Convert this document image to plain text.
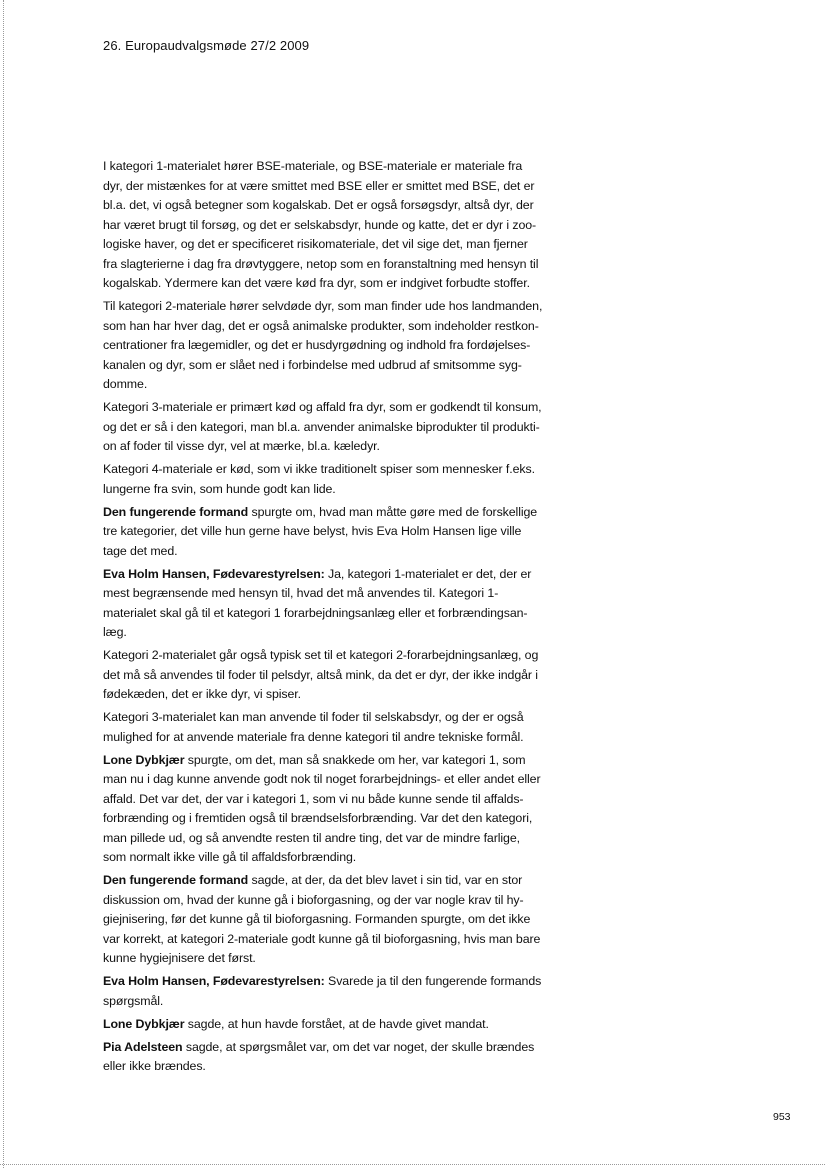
26. Europaudvalgsmøde 27/2 2009
I kategori 1-materialet hører BSE-materiale, og BSE-materiale er materiale fra
dyr, der mistænkes for at være smittet med BSE eller er smittet med BSE, det er
bl.a. det, vi også betegner som kogalskab. Det er også forsøgsdyr, altså dyr, der
har været brugt til forsøg, og det er selskabsdyr, hunde og katte, det er dyr i zoo-
logiske haver, og det er specificeret risikomateriale, det vil sige det, man fjerner
fra slagterierne i dag fra drøvtyggere, netop som en foranstaltning med hensyn til
kogalskab. Ydermere kan det være kød fra dyr, som er indgivet forbudte stoffer.
Til kategori 2-materiale hører selvdøde dyr, som man finder ude hos landmanden,
som han har hver dag, det er også animalske produkter, som indeholder restkon-
centrationer fra lægemidler, og det er husdyrgødning og indhold fra fordøjelses-
kanalen og dyr, som er slået ned i forbindelse med udbrud af smitsomme syg-
domme.
Kategori 3-materiale er primært kød og affald fra dyr, som er godkendt til konsum,
og det er så i den kategori, man bl.a. anvender animalske biprodukter til produkti-
on af foder til visse dyr, vel at mærke, bl.a. kæledyr.
Kategori 4-materiale er kød, som vi ikke traditionelt spiser som mennesker f.eks.
lungerne fra svin, som hunde godt kan lide.
Den fungerende formand spurgte om, hvad man måtte gøre med de forskellige
tre kategorier, det ville hun gerne have belyst, hvis Eva Holm Hansen lige ville
tage det med.
Eva Holm Hansen, Fødevarestyrelsen: Ja, kategori 1-materialet er det, der er
mest begrænsende med hensyn til, hvad det må anvendes til. Kategori 1-
materialet skal gå til et kategori 1 forarbejdningsanlæg eller et forbrændingsan-
læg.
Kategori 2-materialet går også typisk set til et kategori 2-forarbejdningsanlæg, og
det må så anvendes til foder til pelsdyr, altså mink, da det er dyr, der ikke indgår i
fødekæden, det er ikke dyr, vi spiser.
Kategori 3-materialet kan man anvende til foder til selskabsdyr, og der er også
mulighed for at anvende materiale fra denne kategori til andre tekniske formål.
Lone Dybkjær spurgte, om det, man så snakkede om her, var kategori 1, som
man nu i dag kunne anvende godt nok til noget forarbejdnings- et eller andet eller
affald. Det var det, der var i kategori 1, som vi nu både kunne sende til affalds-
forbrænding og i fremtiden også til brændselsforbrænding. Var det den kategori,
man pillede ud, og så anvendte resten til andre ting, det var de mindre farlige,
som normalt ikke ville gå til affaldsforbrænding.
Den fungerende formand sagde, at der, da det blev lavet i sin tid, var en stor
diskussion om, hvad der kunne gå i bioforgasning, og der var nogle krav til hy-
giejnisering, før det kunne gå til bioforgasning. Formanden spurgte, om det ikke
var korrekt, at kategori 2-materiale godt kunne gå til bioforgasning, hvis man bare
kunne hygiejnisere det først.
Eva Holm Hansen, Fødevarestyrelsen: Svarede ja til den fungerende formands
spørgsmål.
Lone Dybkjær sagde, at hun havde forstået, at de havde givet mandat.
Pia Adelsteen sagde, at spørgsmålet var, om det var noget, der skulle brændes
eller ikke brændes.
953
